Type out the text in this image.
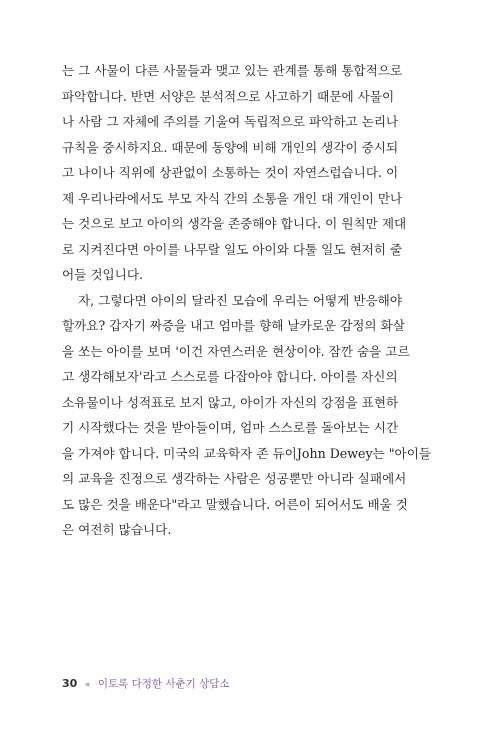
는 그 사물이 다른 사물들과 맺고 있는 관계를 통해 통합적으로
파악합니다. 반면 서양은 분석적으로 사고하기 때문에 사물이
나 사람 그 자체에 주의를 기울여 독립적으로 파악하고 논리나
규칙을 중시하지요. 때문에 동양에 비해 개인의 생각이 중시되
고 나이나 직위에 상관없이 소통하는 것이 자연스럽습니다. 이
제 우리나라에서도 부모 자식 간의 소통을 개인 대 개인이 만나
는 것으로 보고 아이의 생각을 존중해야 합니다. 이 원칙만 제대
로 지켜진다면 아이를 나무랄 일도 아이와 다툴 일도 현저히 줄
어들 것입니다.
자, 그렇다면 아이의 달라진 모습에 우리는 어떻게 반응해야
할까요? 갑자기 짜증을 내고 엄마를 향해 날카로운 감정의 화살
을 쏘는 아이를 보며 '이건 자연스러운 현상이야. 잠깐 숨을 고르
고 생각해보자'라고 스스로를 다잡아야 합니다. 아이를 자신의
소유물이나 성적표로 보지 않고, 아이가 자신의 강점을 표현하
기 시작했다는 것을 받아들이며, 엄마 스스로를 돌아보는 시간
을 가져야 합니다. 미국의 교육학자 존 듀이John Dewey는 "아이들
의 교육을 진정으로 생각하는 사람은 성공뿐만 아니라 실패에서
도 많은 것을 배운다"라고 말했습니다. 어른이 되어서도 배울 것
은 여전히 많습니다.
30 « 이토록 다정한 사춘기 상담소
